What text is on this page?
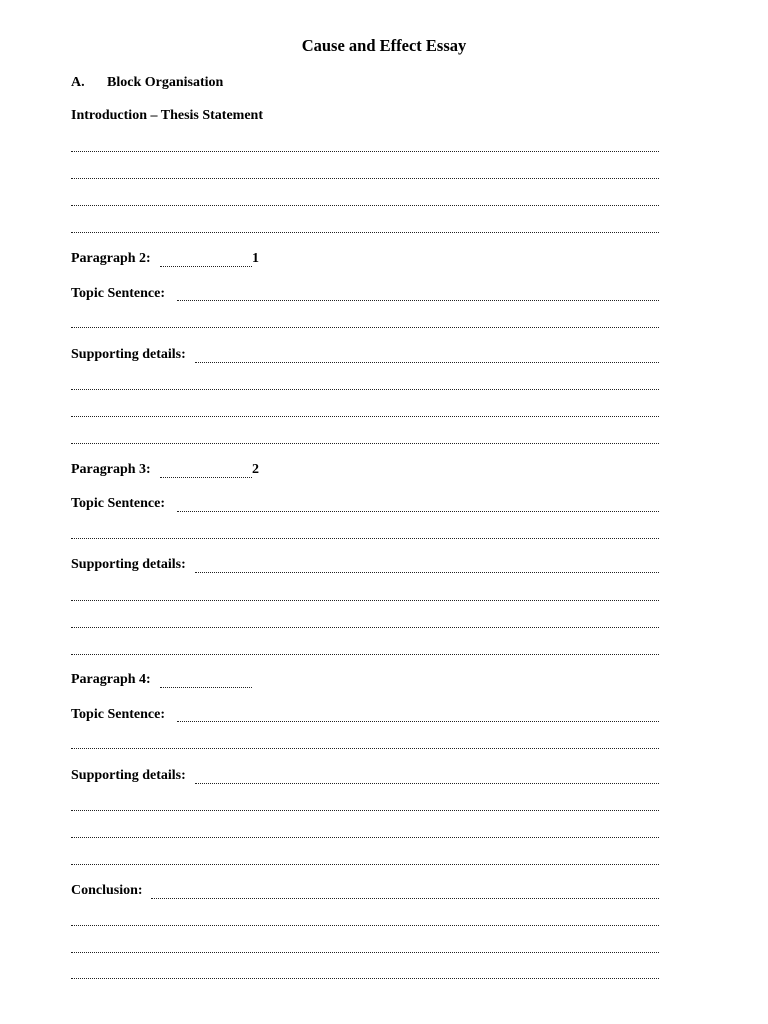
Cause and Effect Essay
A. Block Organisation
Introduction – Thesis Statement
Paragraph 2:	1
Topic Sentence:
Supporting details:
Paragraph 3:	2
Topic Sentence:
Supporting details:
Paragraph 4:
Topic Sentence:
Supporting details:
Conclusion:
